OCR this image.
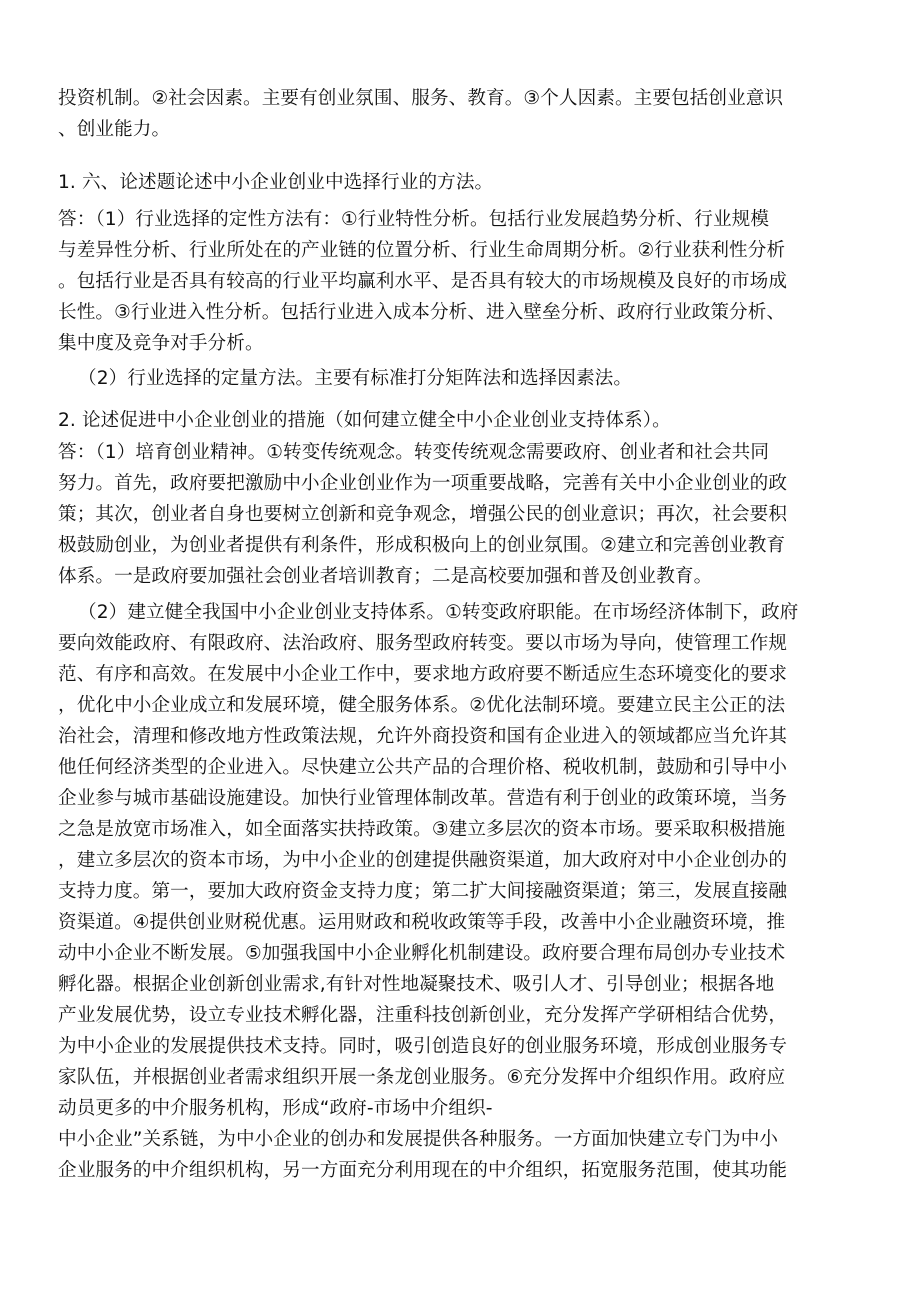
投资机制。②社会因素。主要有创业氛围、服务、教育。③个人因素。主要包括创业意识
、创业能力。
1. 六、论述题论述中小企业创业中选择行业的方法。
答：（1）行业选择的定性方法有：①行业特性分析。包括行业发展趋势分析、行业规模
与差异性分析、行业所处在的产业链的位置分析、行业生命周期分析。②行业获利性分析
。包括行业是否具有较高的行业平均赢利水平、是否具有较大的市场规模及良好的市场成
长性。③行业进入性分析。包括行业进入成本分析、进入壁垒分析、政府行业政策分析、
集中度及竞争对手分析。
（2）行业选择的定量方法。主要有标准打分矩阵法和选择因素法。
2. 论述促进中小企业创业的措施（如何建立健全中小企业创业支持体系）。
答：（1）培育创业精神。①转变传统观念。转变传统观念需要政府、创业者和社会共同
努力。首先，政府要把激励中小企业创业作为一项重要战略，完善有关中小企业创业的政
策；其次，创业者自身也要树立创新和竞争观念，增强公民的创业意识；再次，社会要积
极鼓励创业，为创业者提供有利条件，形成积极向上的创业氛围。②建立和完善创业教育
体系。一是政府要加强社会创业者培训教育；二是高校要加强和普及创业教育。
（2）建立健全我国中小企业创业支持体系。①转变政府职能。在市场经济体制下，政府
要向效能政府、有限政府、法治政府、服务型政府转变。要以市场为导向，使管理工作规
范、有序和高效。在发展中小企业工作中，要求地方政府要不断适应生态环境变化的要求
，优化中小企业成立和发展环境，健全服务体系。②优化法制环境。要建立民主公正的法
治社会，清理和修改地方性政策法规，允许外商投资和国有企业进入的领域都应当允许其
他任何经济类型的企业进入。尽快建立公共产品的合理价格、税收机制，鼓励和引导中小
企业参与城市基础设施建设。加快行业管理体制改革。营造有利于创业的政策环境，当务
之急是放宽市场准入，如全面落实扶持政策。③建立多层次的资本市场。要采取积极措施
，建立多层次的资本市场，为中小企业的创建提供融资渠道，加大政府对中小企业创办的
支持力度。第一，要加大政府资金支持力度；第二扩大间接融资渠道；第三，发展直接融
资渠道。④提供创业财税优惠。运用财政和税收政策等手段，改善中小企业融资环境，推
动中小企业不断发展。⑤加强我国中小企业孵化机制建设。政府要合理布局创办专业技术
孵化器。根据企业创新创业需求,有针对性地凝聚技术、吸引人才、引导创业；根据各地
产业发展优势，设立专业技术孵化器，注重科技创新创业，充分发挥产学研相结合优势，
为中小企业的发展提供技术支持。同时，吸引创造良好的创业服务环境，形成创业服务专
家队伍，并根据创业者需求组织开展一条龙创业服务。⑥充分发挥中介组织作用。政府应
动员更多的中介服务机构，形成“政府-市场中介组织-
中小企业”关系链，为中小企业的创办和发展提供各种服务。一方面加快建立专门为中小
企业服务的中介组织机构，另一方面充分利用现在的中介组织，拓宽服务范围，使其功能
